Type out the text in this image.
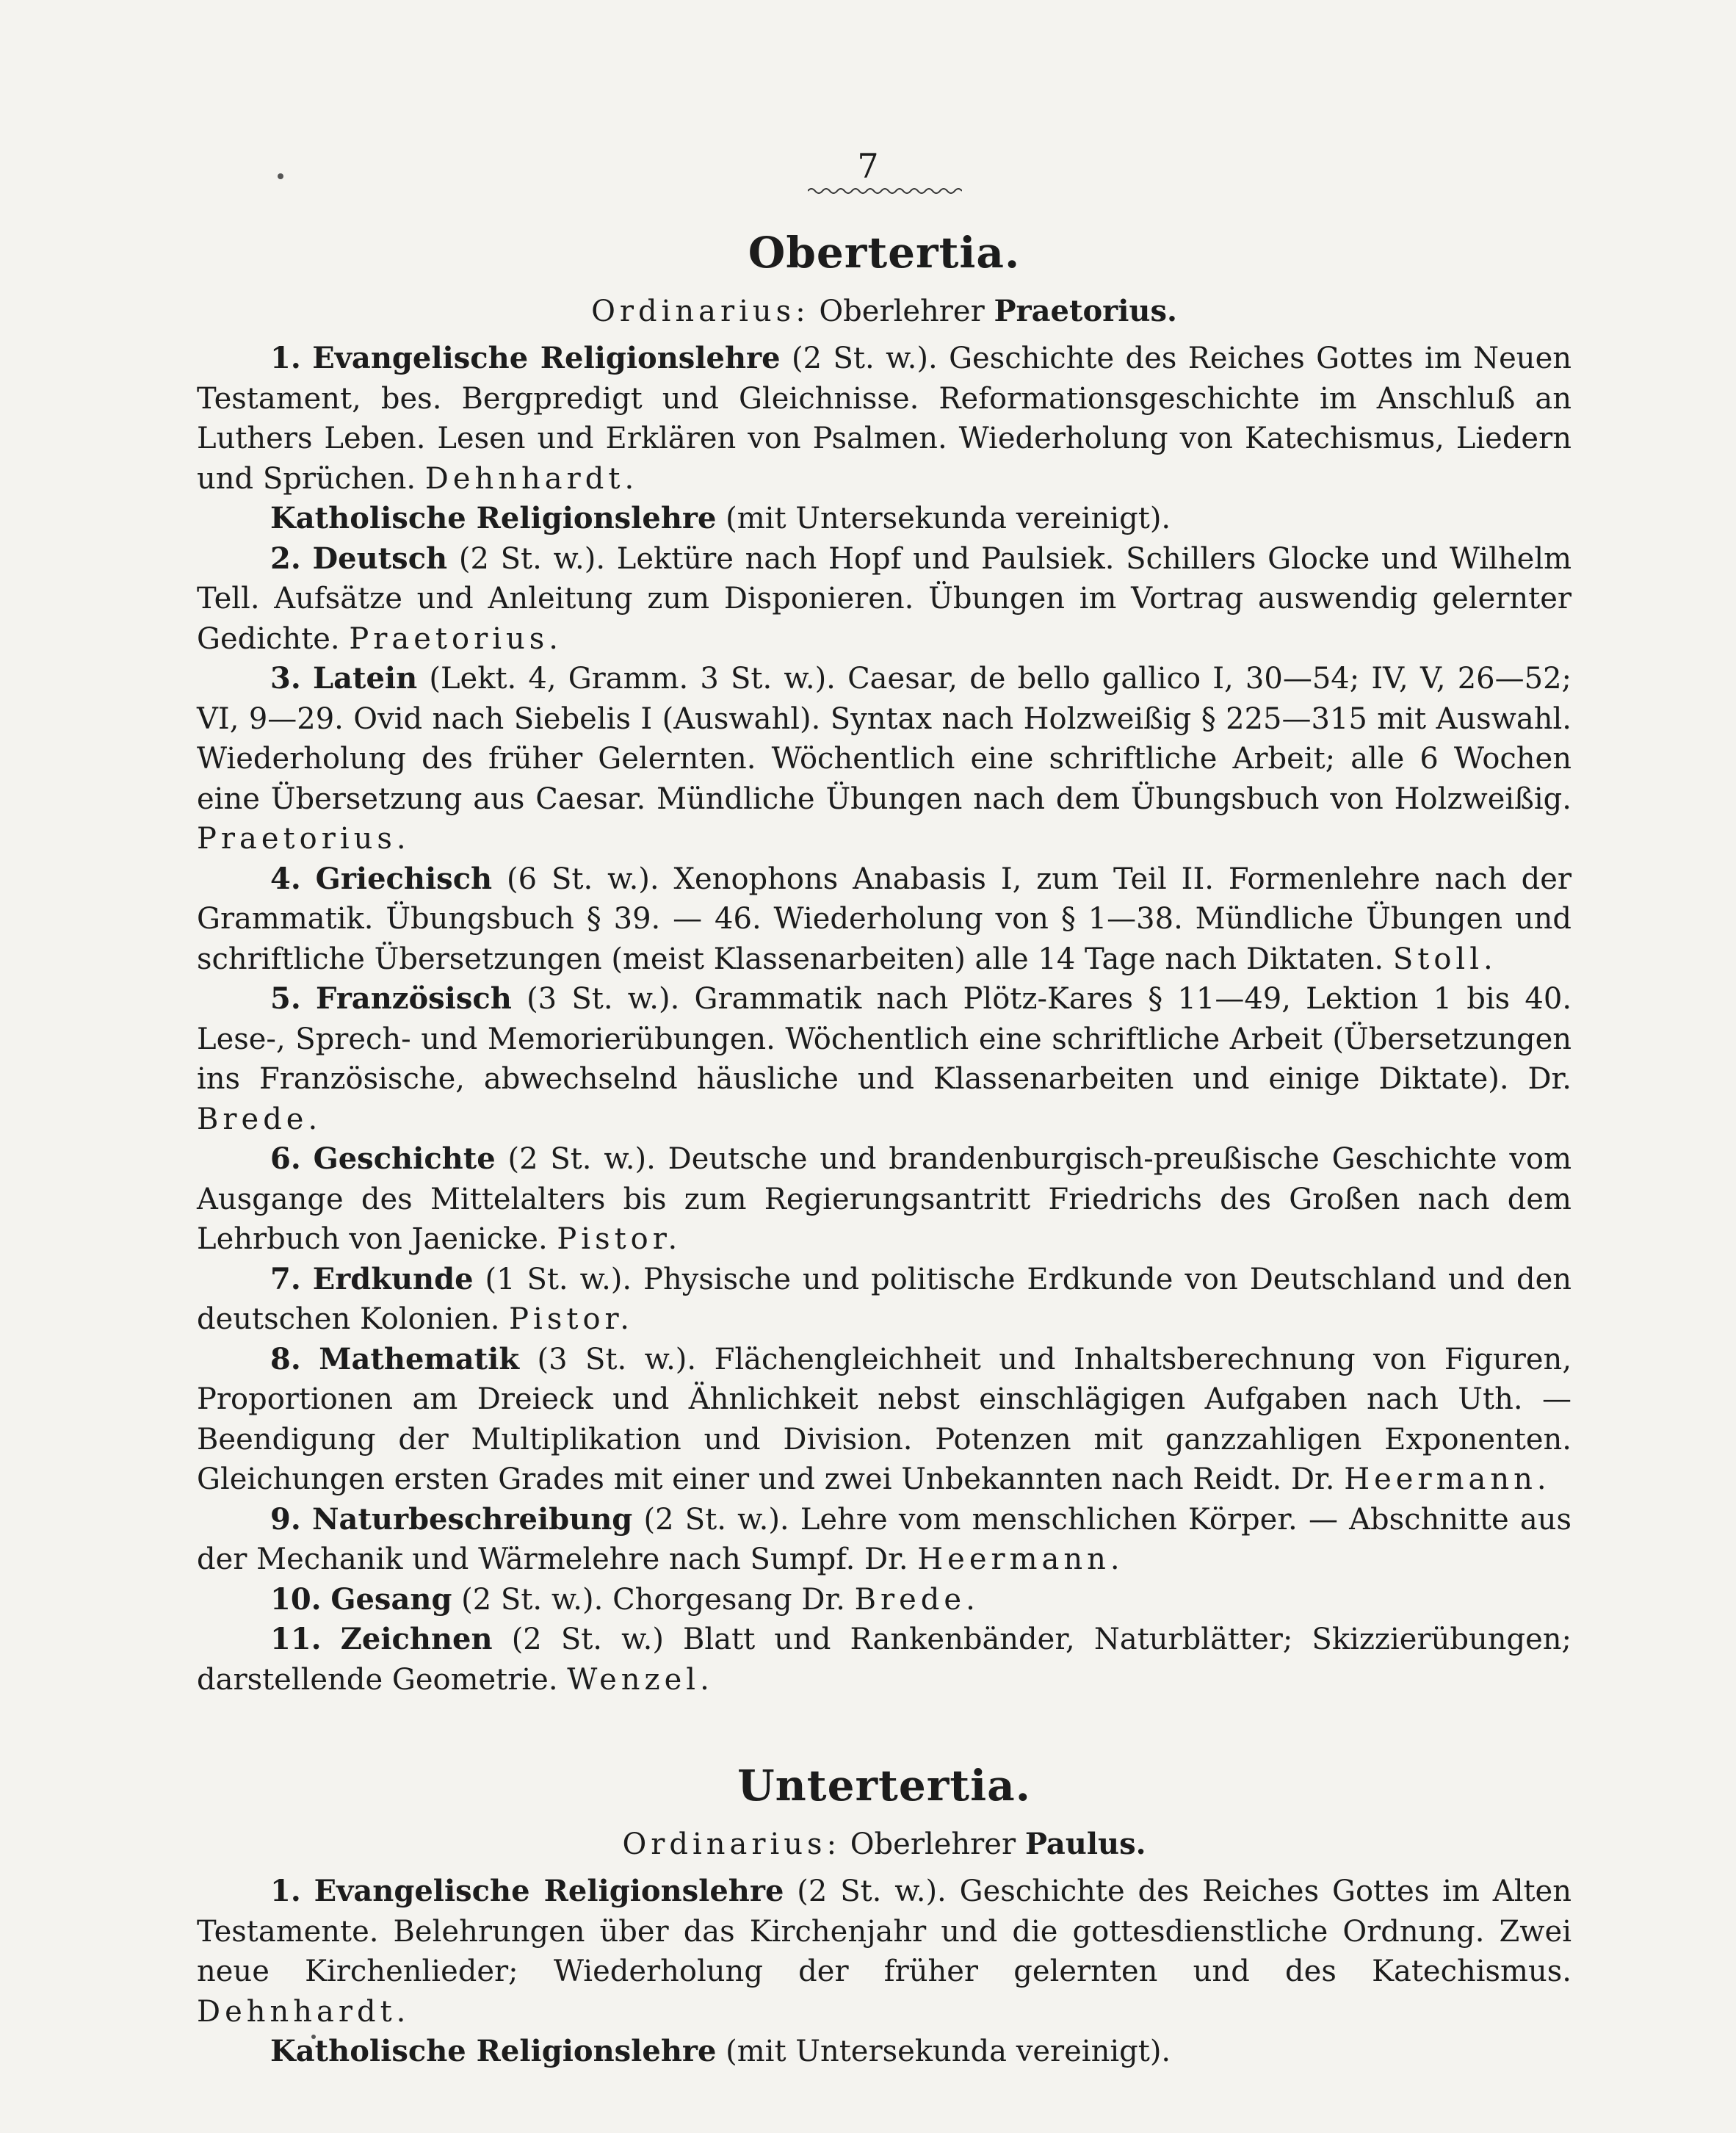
7
Obertertia.

Ordinarius: Oberlehrer Praetorius.

1. Evangelische Religionslehre (2 St. w.). Geschichte des Reiches Gottes im Neuen Testament, bes. Bergpredigt und Gleichnisse. Reformationsgeschichte im Anschluß an Luthers Leben. Lesen und Erklären von Psalmen. Wiederholung von Katechismus, Liedern und Sprüchen. Dehnhardt.

Katholische Religionslehre (mit Untersekunda vereinigt).

2. Deutsch (2 St. w.). Lektüre nach Hopf und Paulsiek. Schillers Glocke und Wilhelm Tell. Aufsätze und Anleitung zum Disponieren. Übungen im Vortrag auswendig gelernter Gedichte. Praetorius.

3. Latein (Lekt. 4, Gramm. 3 St. w.). Caesar, de bello gallico I, 30—54; IV, V, 26—52; VI, 9—29. Ovid nach Siebelis I (Auswahl). Syntax nach Holzweißig § 225—315 mit Auswahl. Wiederholung des früher Gelernten. Wöchentlich eine schriftliche Arbeit; alle 6 Wochen eine Übersetzung aus Caesar. Mündliche Übungen nach dem Übungsbuch von Holzweißig. Praetorius.

4. Griechisch (6 St. w.). Xenophons Anabasis I, zum Teil II. Formenlehre nach der Grammatik. Übungsbuch § 39. — 46. Wiederholung von § 1—38. Mündliche Übungen und schriftliche Übersetzungen (meist Klassenarbeiten) alle 14 Tage nach Diktaten. Stoll.

5. Französisch (3 St. w.). Grammatik nach Plötz-Kares § 11—49, Lektion 1 bis 40. Lese-, Sprech- und Memorierübungen. Wöchentlich eine schriftliche Arbeit (Übersetzungen ins Französische, abwechselnd häusliche und Klassenarbeiten und einige Diktate). Dr. Brede.

6. Geschichte (2 St. w.). Deutsche und brandenburgisch-preußische Geschichte vom Ausgange des Mittelalters bis zum Regierungsantritt Friedrichs des Großen nach dem Lehrbuch von Jaenicke. Pistor.

7. Erdkunde (1 St. w.). Physische und politische Erdkunde von Deutschland und den deutschen Kolonien. Pistor.

8. Mathematik (3 St. w.). Flächengleichheit und Inhaltsberechnung von Figuren, Proportionen am Dreieck und Ähnlichkeit nebst einschlägigen Aufgaben nach Uth. — Beendigung der Multiplikation und Division. Potenzen mit ganzzahligen Exponenten. Gleichungen ersten Grades mit einer und zwei Unbekannten nach Reidt. Dr. Heermann.

9. Naturbeschreibung (2 St. w.). Lehre vom menschlichen Körper. — Abschnitte aus der Mechanik und Wärmelehre nach Sumpf. Dr. Heermann.

10. Gesang (2 St. w.). Chorgesang Dr. Brede.

11. Zeichnen (2 St. w.) Blatt und Rankenbänder, Naturblätter; Skizzierübungen; darstellende Geometrie. Wenzel.

Untertertia.

Ordinarius: Oberlehrer Paulus.

1. Evangelische Religionslehre (2 St. w.). Geschichte des Reiches Gottes im Alten Testamente. Belehrungen über das Kirchenjahr und die gottesdienstliche Ordnung. Zwei neue Kirchenlieder; Wiederholung der früher gelernten und des Katechismus. Dehnhardt.

Katholische Religionslehre (mit Untersekunda vereinigt).
